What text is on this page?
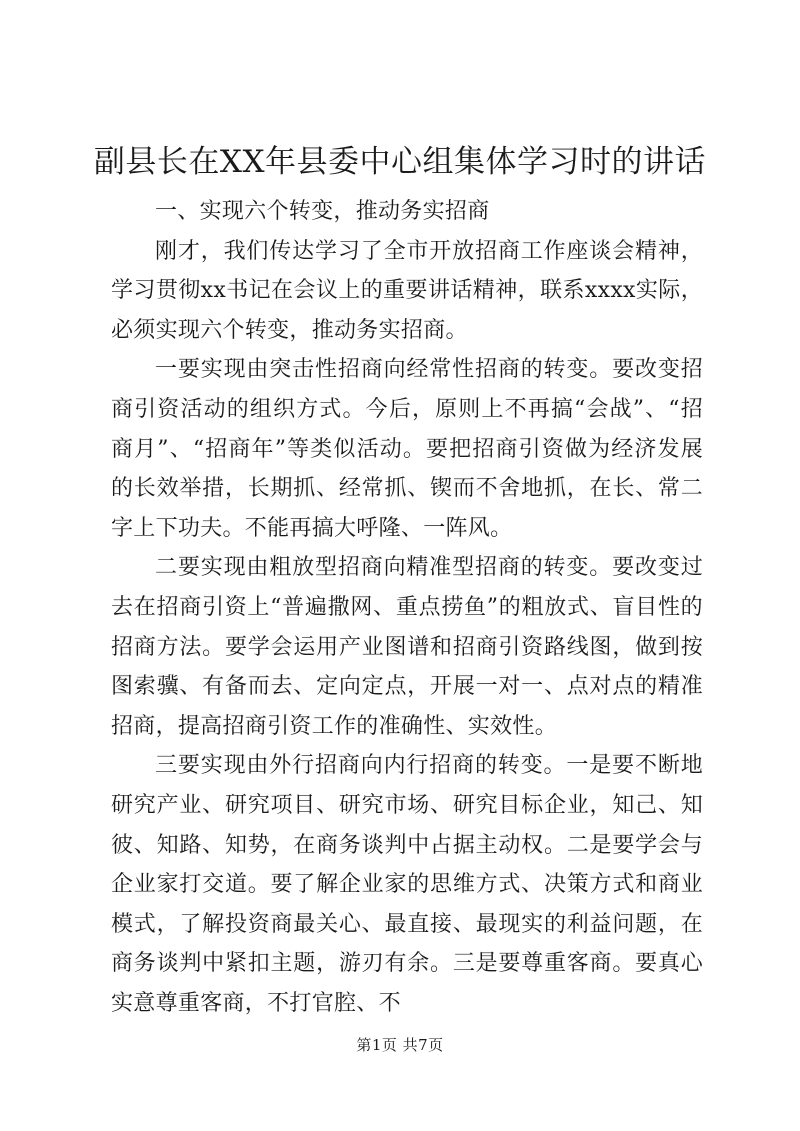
副县长在XX年县委中心组集体学习时的讲话

一、实现六个转变，推动务实招商

刚才，我们传达学习了全市开放招商工作座谈会精神，学习贯彻xx书记在会议上的重要讲话精神，联系xxxx实际，必须实现六个转变，推动务实招商。

一要实现由突击性招商向经常性招商的转变。要改变招商引资活动的组织方式。今后，原则上不再搞“会战”、“招商月”、“招商年”等类似活动。要把招商引资做为经济发展的长效举措，长期抓、经常抓、锲而不舍地抓，在长、常二字上下功夫。不能再搞大呼隆、一阵风。

二要实现由粗放型招商向精准型招商的转变。要改变过去在招商引资上“普遍撒网、重点捞鱼”的粗放式、盲目性的招商方法。要学会运用产业图谱和招商引资路线图，做到按图索骥、有备而去、定向定点，开展一对一、点对点的精准招商，提高招商引资工作的准确性、实效性。

三要实现由外行招商向内行招商的转变。一是要不断地研究产业、研究项目、研究市场、研究目标企业，知己、知彼、知路、知势，在商务谈判中占据主动权。二是要学会与企业家打交道。要了解企业家的思维方式、决策方式和商业模式，了解投资商最关心、最直接、最现实的利益问题，在商务谈判中紧扣主题，游刃有余。三是要尊重客商。要真心实意尊重客商，不打官腔、不

第1页 共7页
